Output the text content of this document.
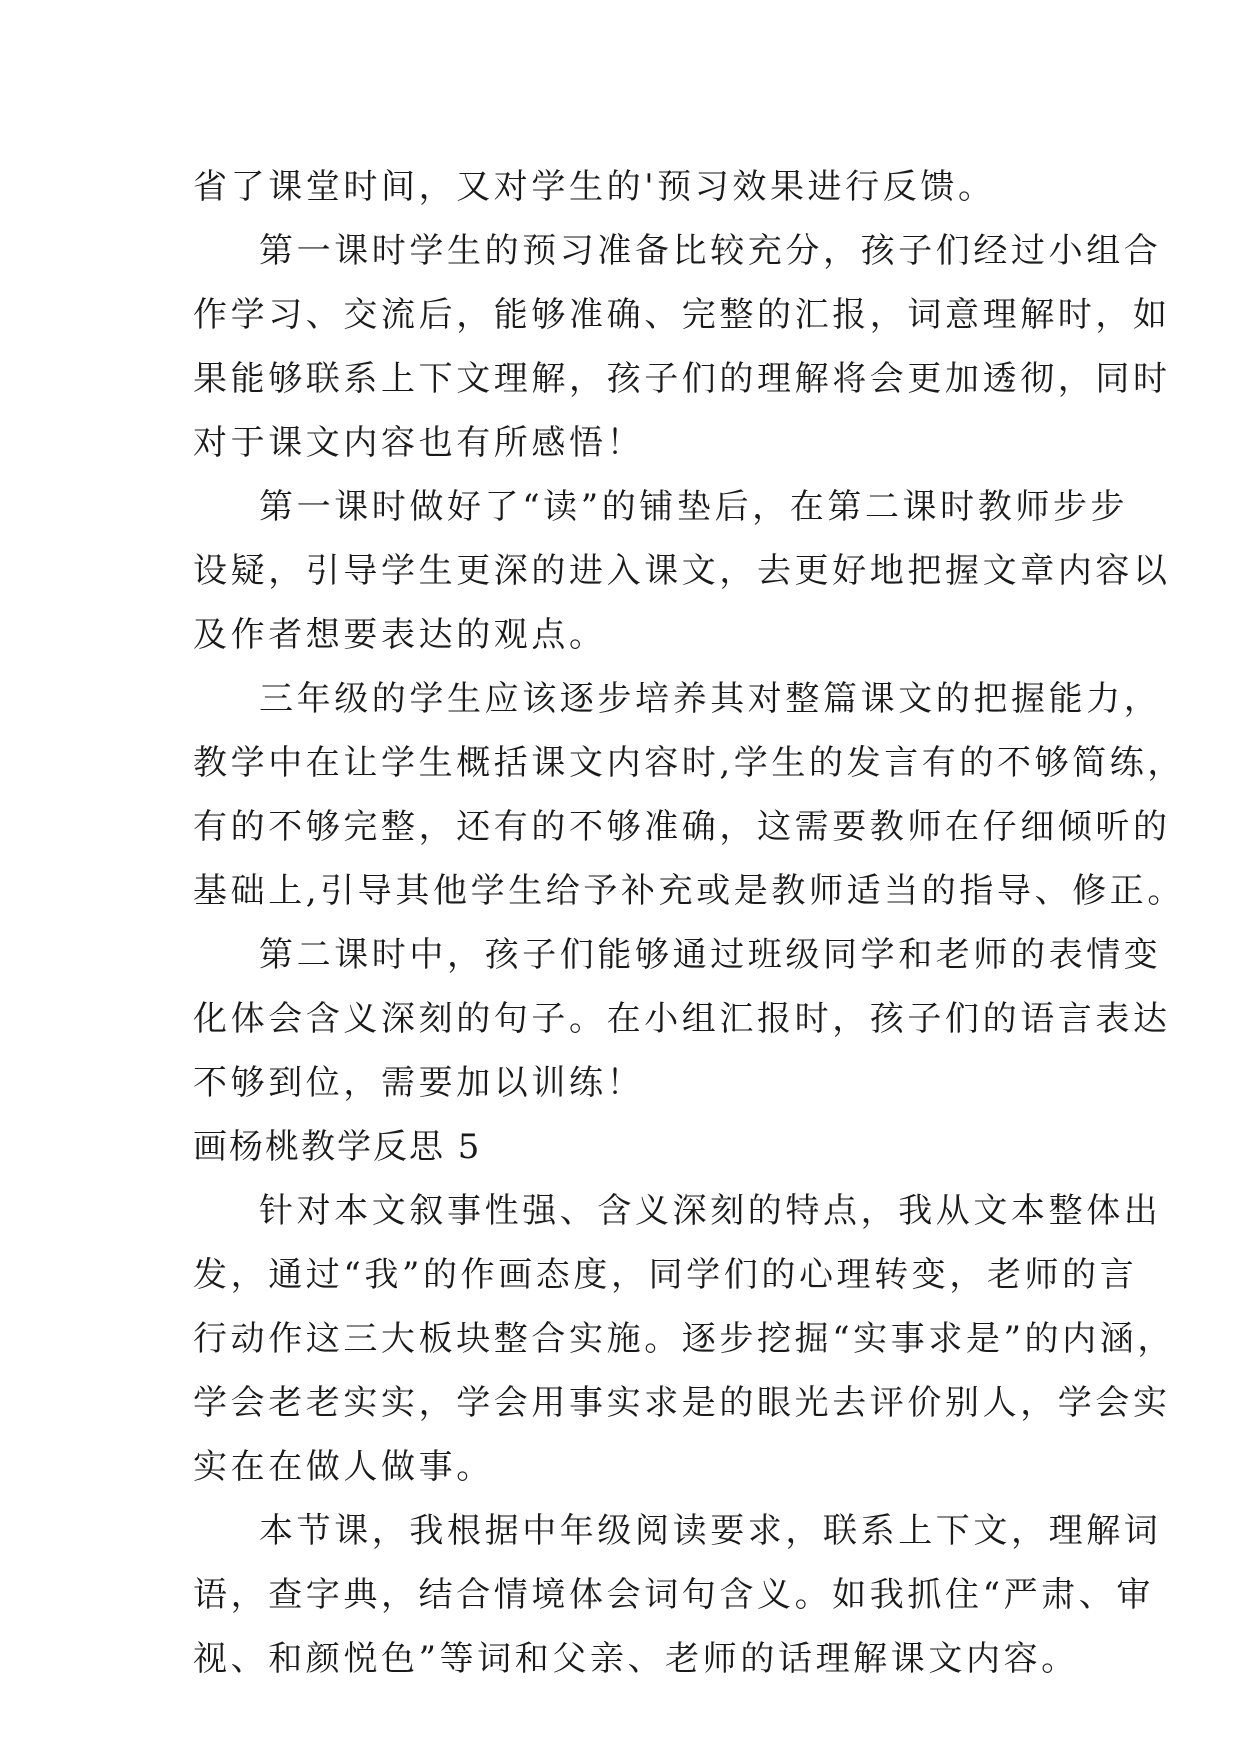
省了课堂时间，又对学生的'预习效果进行反馈。
第一课时学生的预习准备比较充分，孩子们经过小组合
作学习、交流后，能够准确、完整的汇报，词意理解时，如
果能够联系上下文理解，孩子们的理解将会更加透彻，同时
对于课文内容也有所感悟！
第一课时做好了“读”的铺垫后，在第二课时教师步步
设疑，引导学生更深的进入课文，去更好地把握文章内容以
及作者想要表达的观点。
三年级的学生应该逐步培养其对整篇课文的把握能力，
教学中在让学生概括课文内容时,学生的发言有的不够简练，
有的不够完整，还有的不够准确，这需要教师在仔细倾听的
基础上,引导其他学生给予补充或是教师适当的指导、修正。
第二课时中，孩子们能够通过班级同学和老师的表情变
化体会含义深刻的句子。在小组汇报时，孩子们的语言表达
不够到位，需要加以训练！
画杨桃教学反思 5
针对本文叙事性强、含义深刻的特点，我从文本整体出
发，通过“我”的作画态度，同学们的心理转变，老师的言
行动作这三大板块整合实施。逐步挖掘“实事求是”的内涵，
学会老老实实，学会用事实求是的眼光去评价别人，学会实
实在在做人做事。
本节课，我根据中年级阅读要求，联系上下文，理解词
语，查字典，结合情境体会词句含义。如我抓住“严肃、审
视、和颜悦色”等词和父亲、老师的话理解课文内容。
